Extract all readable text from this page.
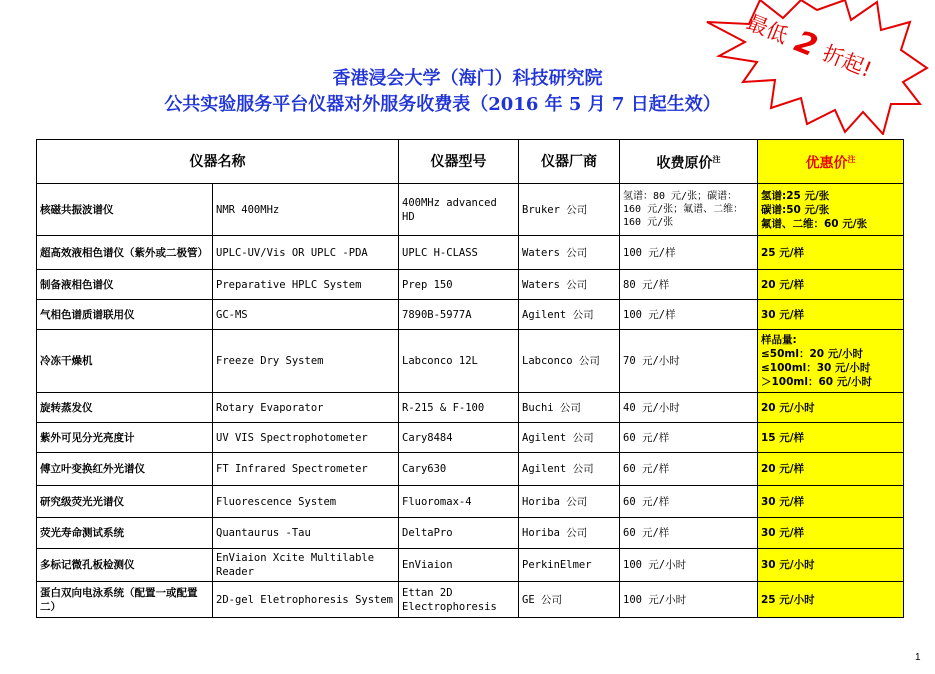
香港浸会大学（海门）科技研究院
公共实验服务平台仪器对外服务收费表（2016 年 5 月 7 日起生效）
最低
2
折起!
仪器名称		仪器型号	仪器厂商	收费原价$^注$	优惠价$^注$
核磁共振波谱仪	NMR 400MHz	400MHz advanced HD	Bruker 公司	氢谱：80 元/张；碳谱：160 元/张；氟谱、二维：160 元/张	氢谱:25 元/张
碳谱:50 元/张
氟谱、二维：60 元/张

超高效液相色谱仪（紫外或二极管）	UPLC-UV/Vis OR UPLC -PDA	UPLC H-CLASS	Waters 公司	100 元/样	25 元/样

制备液相色谱仪	Preparative HPLC System	Prep 150	Waters 公司	80 元/样	20 元/样

气相色谱质谱联用仪	GC-MS	7890B-5977A	Agilent 公司	100 元/样	30 元/样

冷冻干燥机	Freeze Dry System	Labconco 12L	Labconco 公司	70 元/小时	样品量:
≤50ml：20 元/小时
≤100ml：30 元/小时
＞100ml：60 元/小时

旋转蒸发仪	Rotary Evaporator	R-215 & F-100	Buchi 公司	40 元/小时	20 元/小时

紫外可见分光亮度计	UV VIS Spectrophotometer	Cary8484	Agilent 公司	60 元/样	15 元/样

傅立叶变换红外光谱仪	FT Infrared Spectrometer	Cary630	Agilent 公司	60 元/样	20 元/样

研究级荧光光谱仪	Fluorescence System	Fluoromax-4	Horiba 公司	60 元/样	30 元/样

荧光寿命测试系统	Quantaurus -Tau	DeltaPro	Horiba 公司	60 元/样	30 元/样

多标记微孔板检测仪	EnViaion Xcite Multilable Reader	EnViaion	PerkinElmer	100 元/小时	30 元/小时

蛋白双向电泳系统（配置一或配置二）	2D-gel Eletrophoresis System	Ettan 2D Electrophoresis	GE 公司	100 元/小时	25 元/小时
1
